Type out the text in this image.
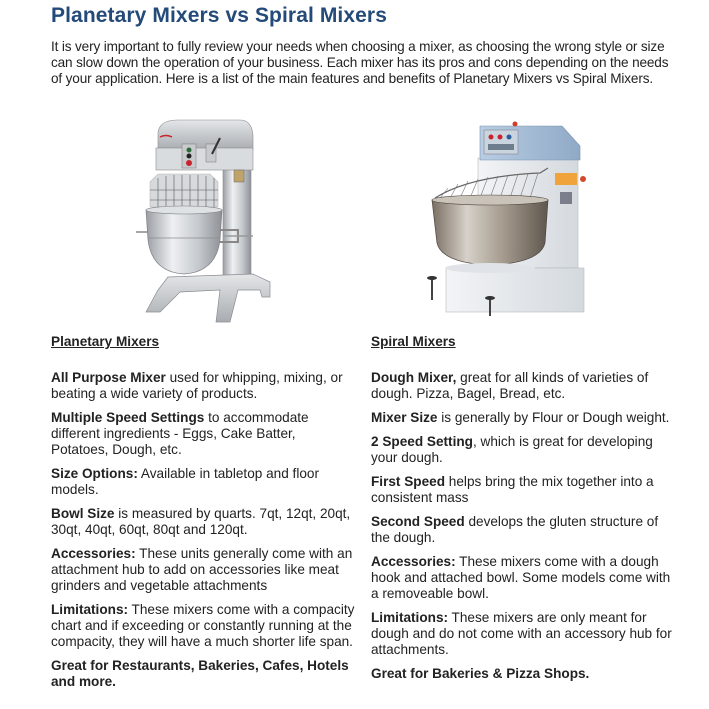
Planetary Mixers vs Spiral Mixers

It is very important to fully review your needs when choosing a mixer, as choosing the wrong style or size can slow down the operation of your business. Each mixer has its pros and cons depending on the needs of your application. Here is a list of the main features and benefits of Planetary Mixers vs Spiral Mixers.

Planetary Mixers

All Purpose Mixer used for whipping, mixing, or beating a wide variety of products.

Multiple Speed Settings to accommodate different ingredients - Eggs, Cake Batter, Potatoes, Dough, etc.

Size Options: Available in tabletop and floor models.

Bowl Size is measured by quarts. 7qt, 12qt, 20qt, 30qt, 40qt, 60qt, 80qt and 120qt.

Accessories: These units generally come with an attachment hub to add on accessories like meat grinders and vegetable attachments

Limitations: These mixers come with a compacity chart and if exceeding or constantly running at the compacity, they will have a much shorter life span.

Great for Restaurants, Bakeries, Cafes, Hotels and more.

Spiral Mixers

Dough Mixer, great for all kinds of varieties of dough. Pizza, Bagel, Bread, etc.

Mixer Size is generally by Flour or Dough weight.

2 Speed Setting, which is great for developing your dough.

First Speed helps bring the mix together into a consistent mass

Second Speed develops the gluten structure of the dough.

Accessories: These mixers come with a dough hook and attached bowl. Some models come with a removeable bowl.

Limitations: These mixers are only meant for dough and do not come with an accessory hub for attachments.

Great for Bakeries & Pizza Shops.
